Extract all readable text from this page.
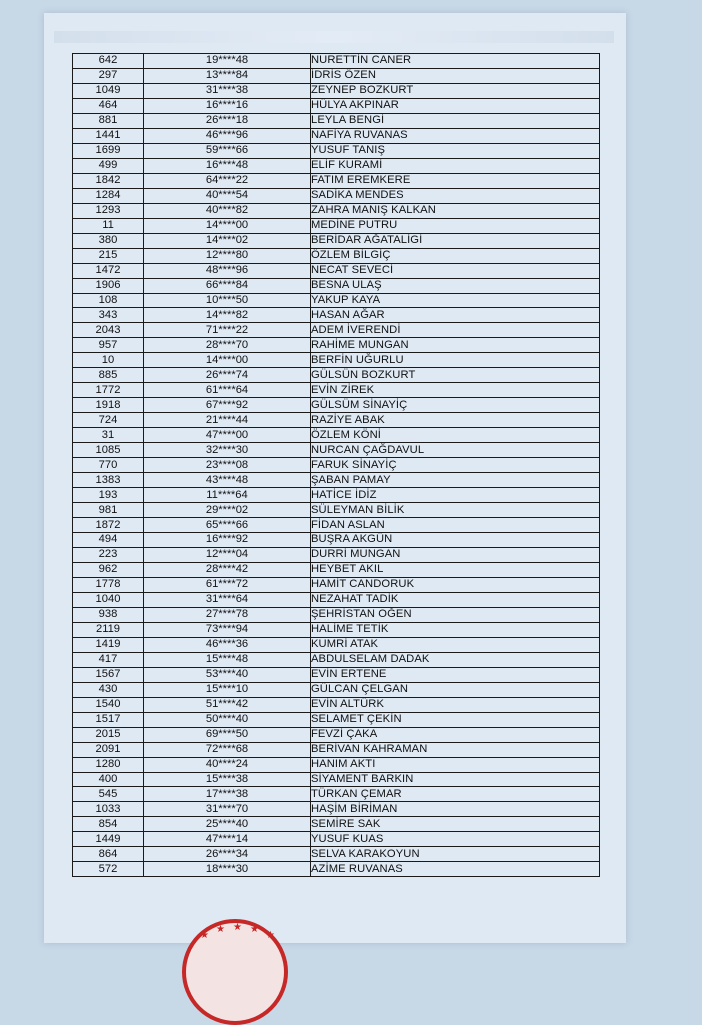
642	19****48	NURETTİN CANER
297	13****84	İDRİS ÖZEN
1049	31****38	ZEYNEP BOZKURT
464	16****16	HÜLYA AKPINAR
881	26****18	LEYLA BENGİ
1441	46****96	NAFİYA RUVANAS
1699	59****66	YUSUF TANIŞ
499	16****48	ELİF KURAMİ
1842	64****22	FATIM EREMKERE
1284	40****54	SADİKA MENDES
1293	40****82	ZAHRA MANIŞ KALKAN
11	14****00	MEDİNE PUTRU
380	14****02	BERİDAR AĞATALİGİ
215	12****80	ÖZLEM BİLGİÇ
1472	48****96	NECAT SEVECİ
1906	66****84	BESNA ULAŞ
108	10****50	YAKUP KAYA
343	14****82	HASAN AĞAR
2043	71****22	ADEM İVERENDİ
957	28****70	RAHİME MUNGAN
10	14****00	BERFİN UĞURLU
885	26****74	GÜLSÜN BOZKURT
1772	61****64	EVİN ZİREK
1918	67****92	GÜLSÜM SİNAYİÇ
724	21****44	RAZİYE ABAK
31	47****00	ÖZLEM KÖNİ
1085	32****30	NURCAN ÇAĞDAVUL
770	23****08	FARUK SİNAYİÇ
1383	43****48	ŞABAN PAMAY
193	11****64	HATİCE İDİZ
981	29****02	SÜLEYMAN BİLİK
1872	65****66	FİDAN ASLAN
494	16****92	BUŞRA AKGÜN
223	12****04	DURRİ MUNGAN
962	28****42	HEYBET AKIL
1778	61****72	HAMİT CANDORUK
1040	31****64	NEZAHAT TADİK
938	27****78	ŞEHRİSTAN OĞEN
2119	73****94	HALİME TETİK
1419	46****36	KUMRİ ATAK
417	15****48	ABDULSELAM DADAK
1567	53****40	EVİN ERTENE
430	15****10	GÜLCAN ÇELGAN
1540	51****42	EVİN ALTÜRK
1517	50****40	SELAMET ÇEKİN
2015	69****50	FEVZİ ÇAKA
2091	72****68	BERİVAN KAHRAMAN
1280	40****24	HANIM AKTI
400	15****38	SİYAMENT BARKIN
545	17****38	TÜRKAN ÇEMAR
1033	31****70	HAŞİM BİRİMAN
854	25****40	SEMİRE SAK
1449	47****14	YUSUF KUAS
864	26****34	SELVA KARAKOYUN
572	18****30	AZİME RUVANAS
★
★ ★ ★
★
